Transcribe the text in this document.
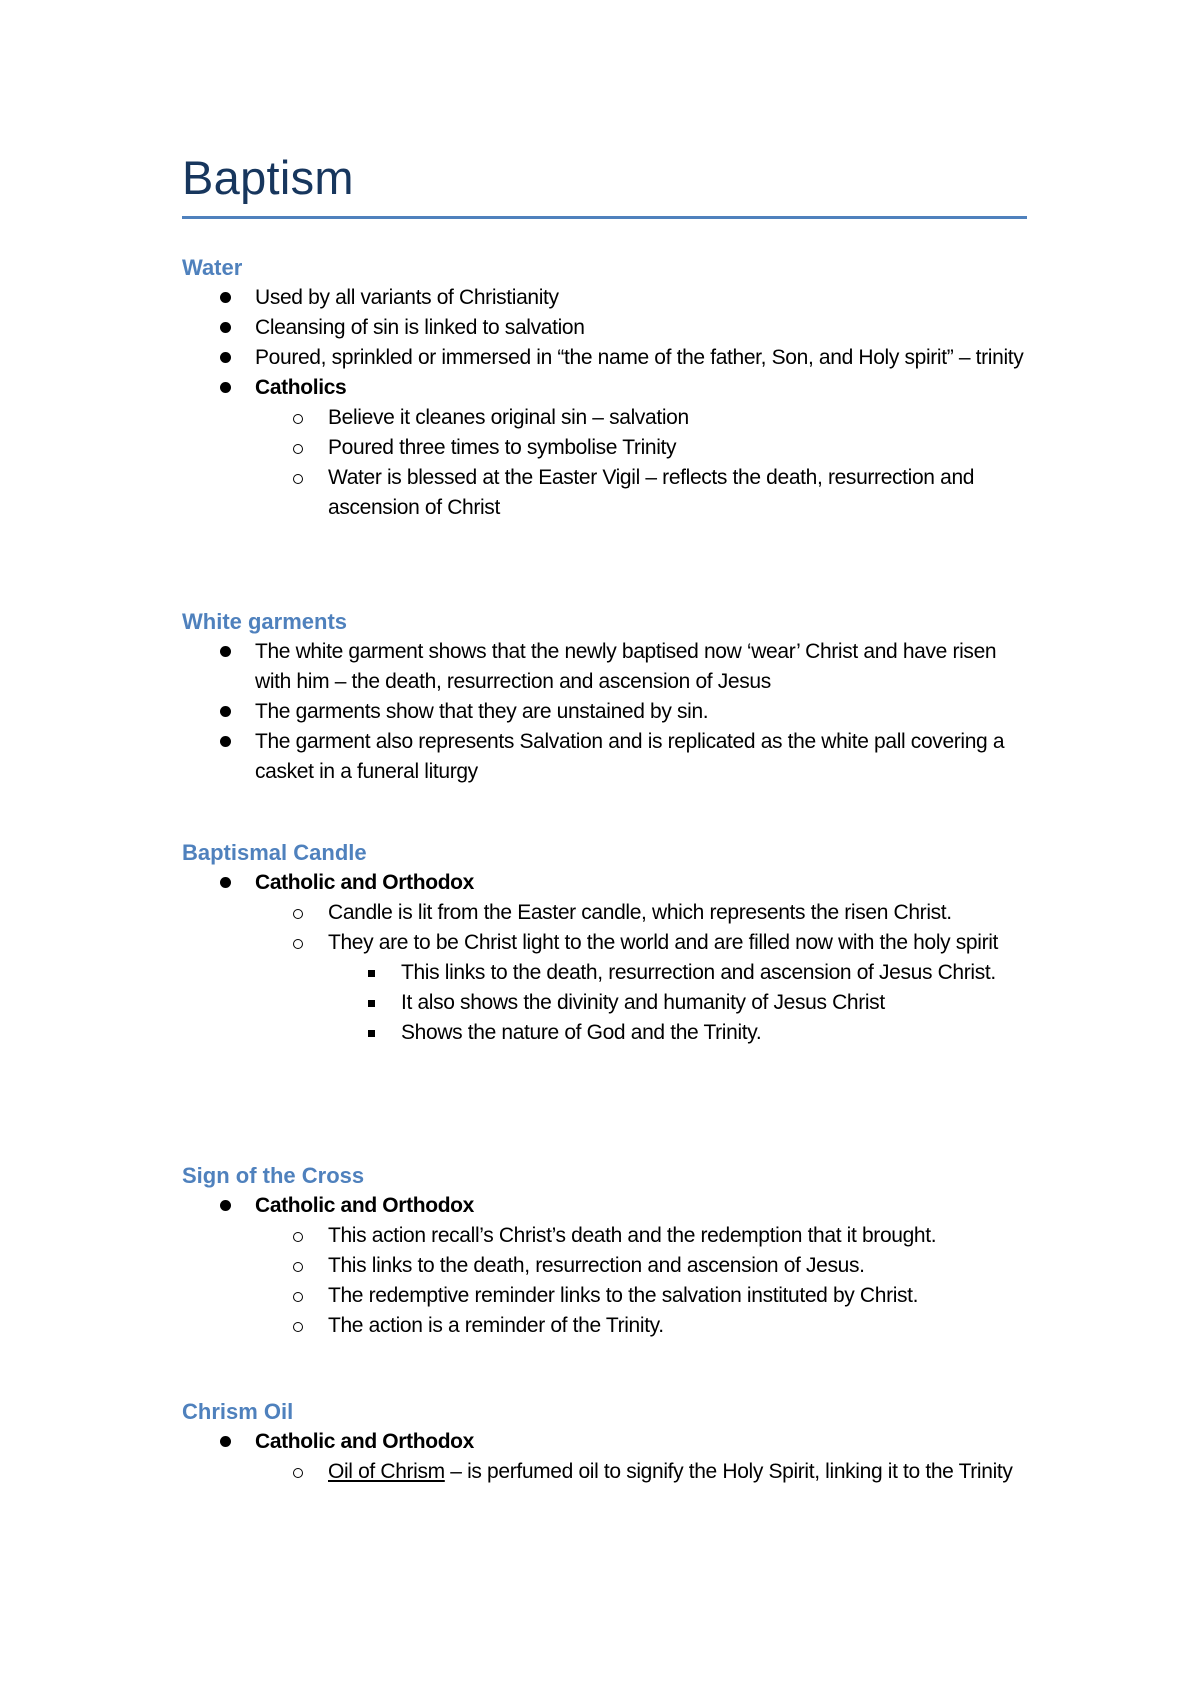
Baptism
Water
Used by all variants of Christianity
Cleansing of sin is linked to salvation
Poured, sprinkled or immersed in “the name of the father, Son, and Holy spirit” – trinity
Catholics
Believe it cleanes original sin – salvation
Poured three times to symbolise Trinity
Water is blessed at the Easter Vigil – reflects the death, resurrection and ascension of Christ
White garments
The white garment shows that the newly baptised now ‘wear’ Christ and have risen with him – the death, resurrection and ascension of Jesus
The garments show that they are unstained by sin.
The garment also represents Salvation and is replicated as the white pall covering a casket in a funeral liturgy
Baptismal Candle
Catholic and Orthodox
Candle is lit from the Easter candle, which represents the risen Christ.
They are to be Christ light to the world and are filled now with the holy spirit
This links to the death, resurrection and ascension of Jesus Christ.
It also shows the divinity and humanity of Jesus Christ
Shows the nature of God and the Trinity.
Sign of the Cross
Catholic and Orthodox
This action recall’s Christ’s death and the redemption that it brought.
This links to the death, resurrection and ascension of Jesus.
The redemptive reminder links to the salvation instituted by Christ.
The action is a reminder of the Trinity.
Chrism Oil
Catholic and Orthodox
Oil of Chrism – is perfumed oil to signify the Holy Spirit, linking it to the Trinity
